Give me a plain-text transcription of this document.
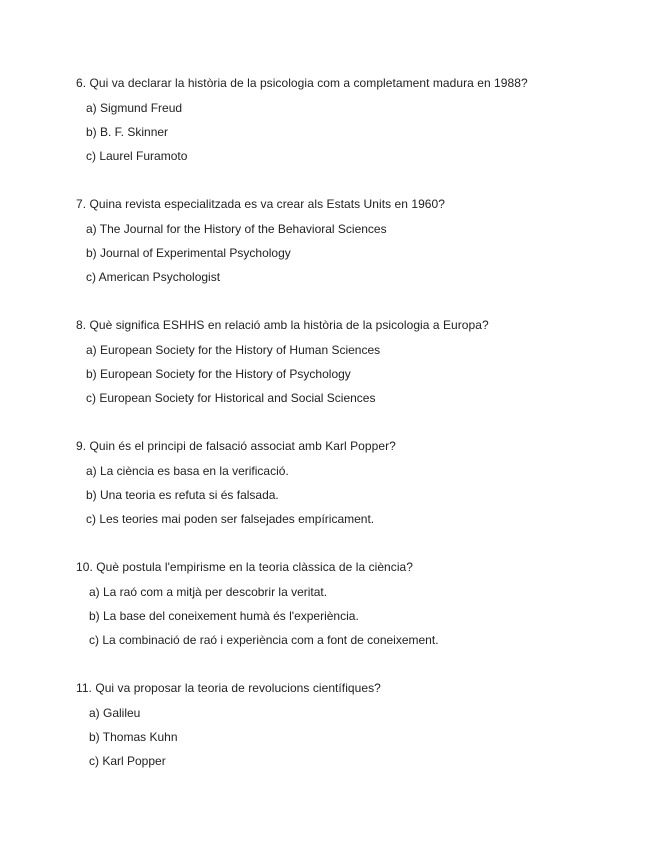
6. Qui va declarar la història de la psicologia com a completament madura en 1988?
a) Sigmund Freud
b) B. F. Skinner
c) Laurel Furamoto
7. Quina revista especialitzada es va crear als Estats Units en 1960?
a) The Journal for the History of the Behavioral Sciences
b) Journal of Experimental Psychology
c) American Psychologist
8. Què significa ESHHS en relació amb la història de la psicologia a Europa?
a) European Society for the History of Human Sciences
b) European Society for the History of Psychology
c) European Society for Historical and Social Sciences
9. Quin és el principi de falsació associat amb Karl Popper?
a) La ciència es basa en la verificació.
b) Una teoria es refuta si és falsada.
c) Les teories mai poden ser falsejades empíricament.
10. Què postula l'empirisme en la teoria clàssica de la ciència?
a) La raó com a mitjà per descobrir la veritat.
b) La base del coneixement humà és l'experiència.
c) La combinació de raó i experiència com a font de coneixement.
11. Qui va proposar la teoria de revolucions científiques?
a) Galileu
b) Thomas Kuhn
c) Karl Popper
